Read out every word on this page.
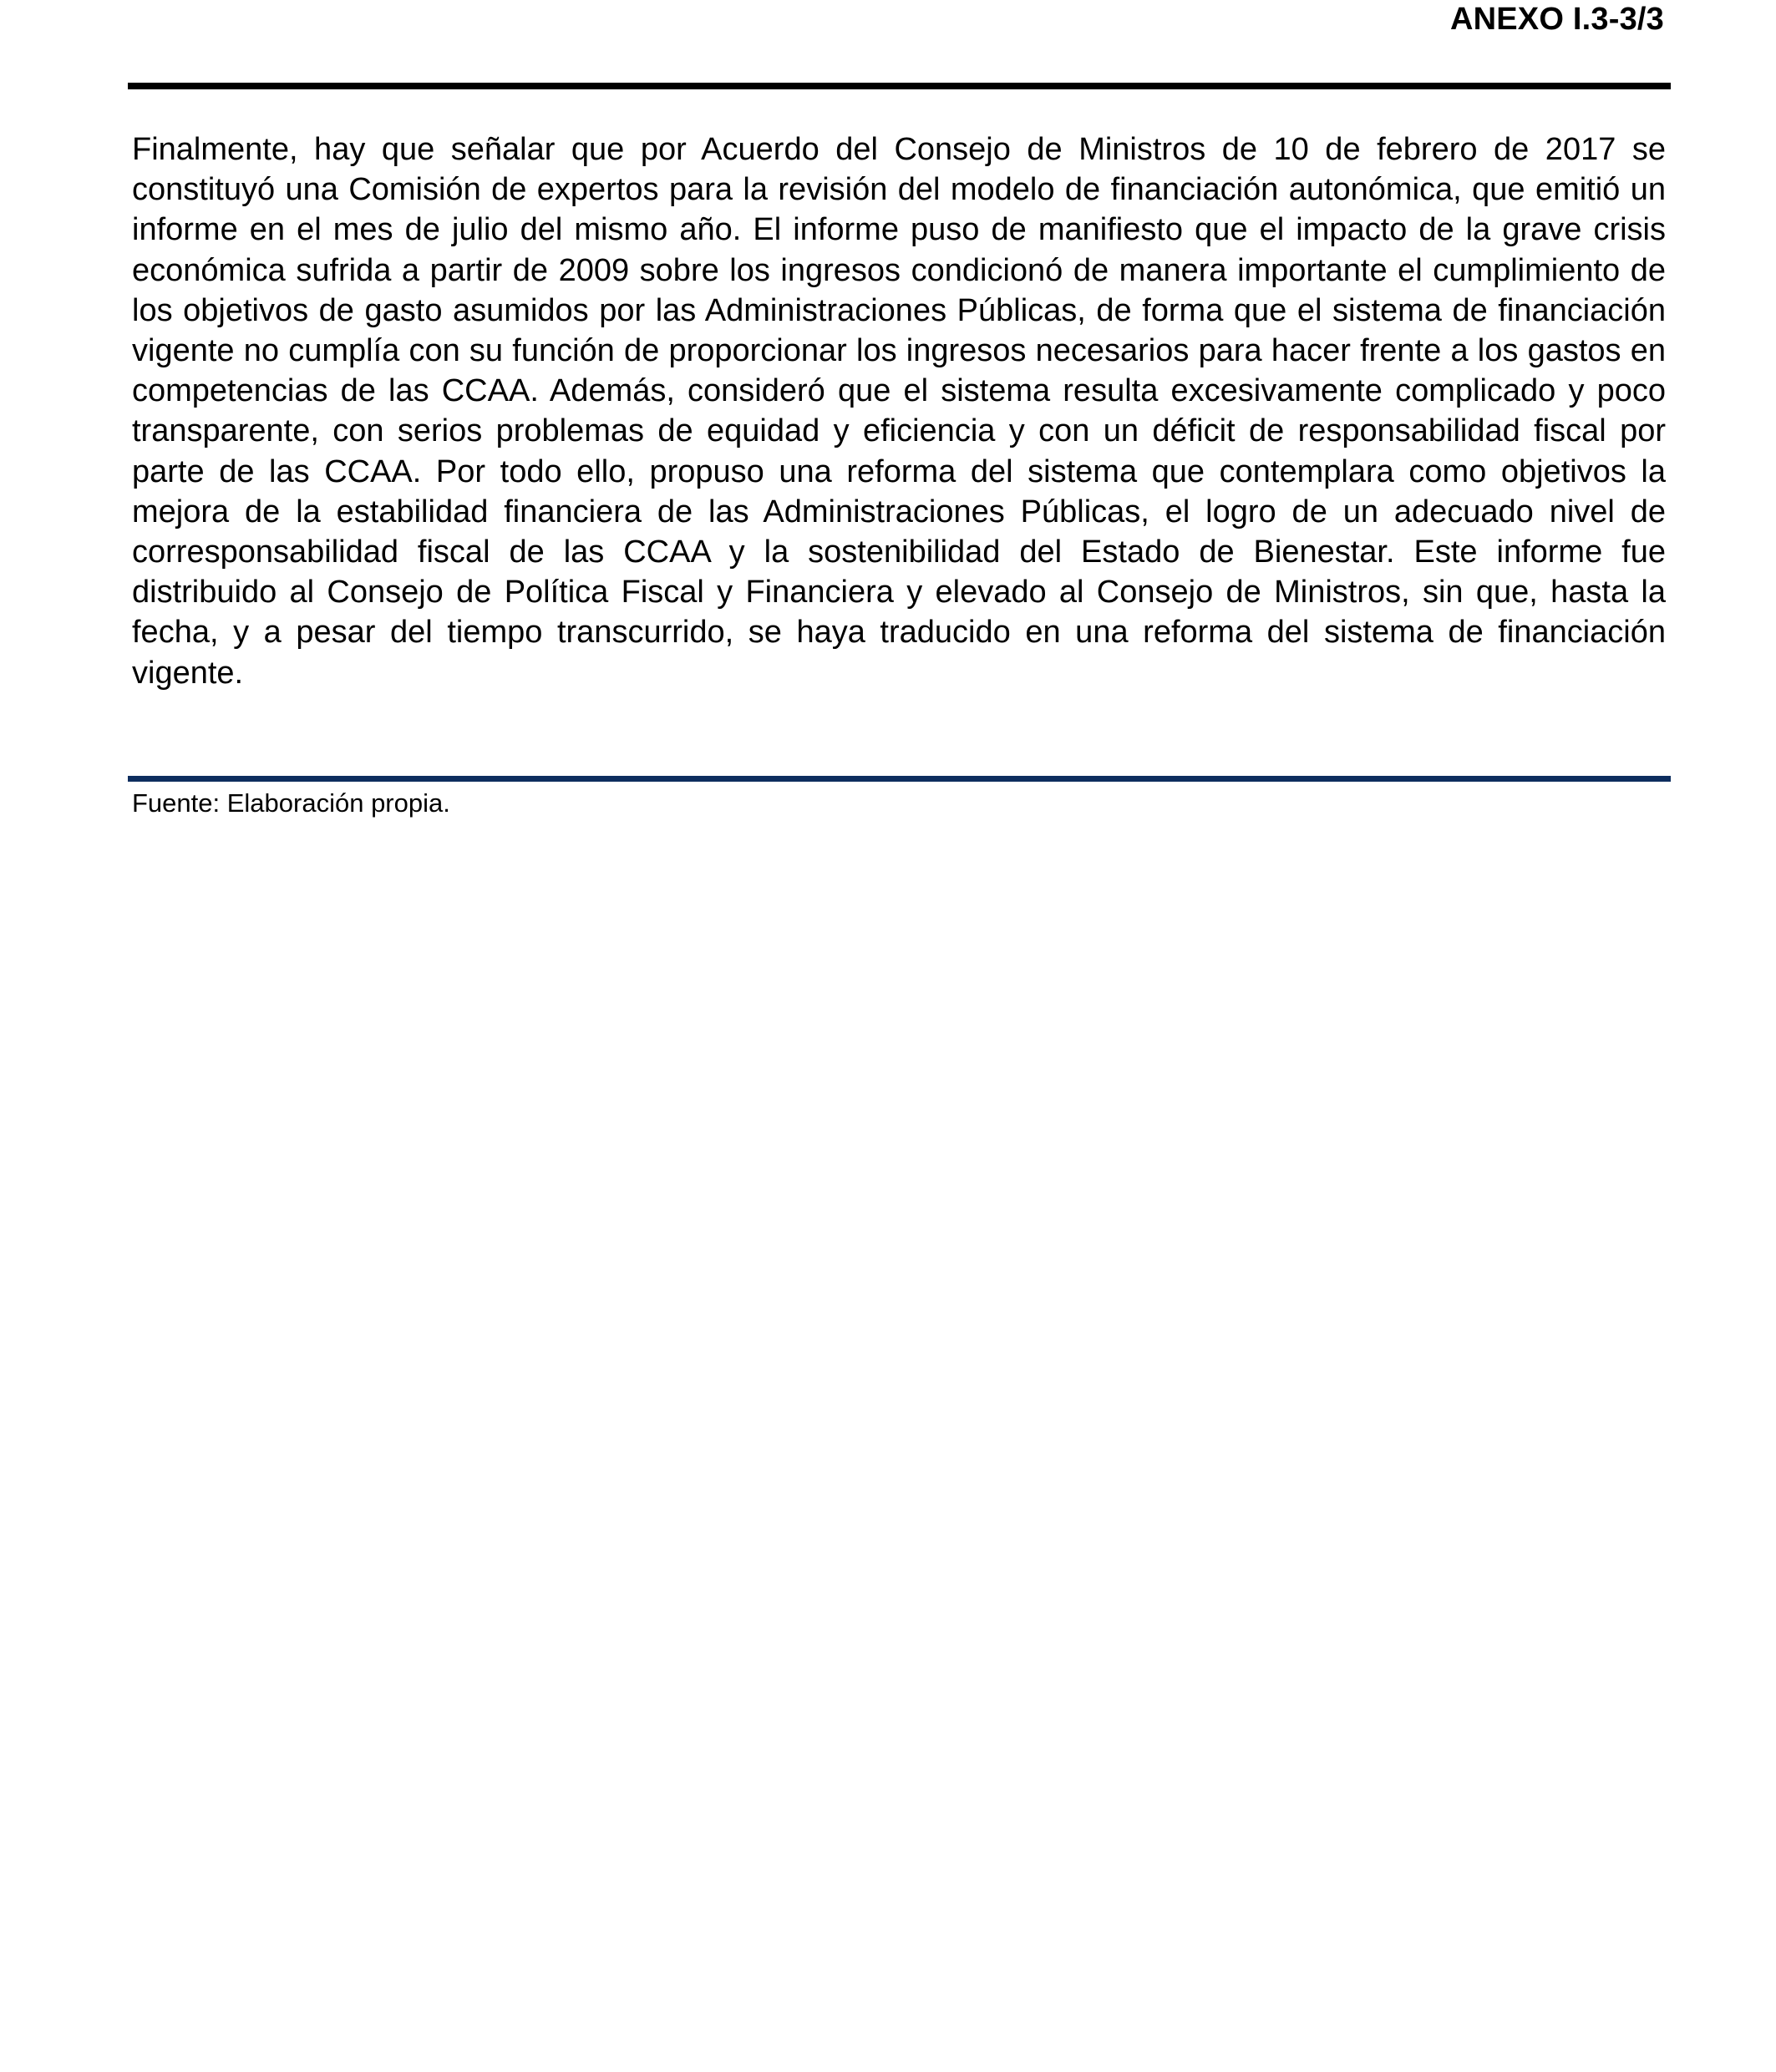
ANEXO I.3-3/3

Finalmente, hay que señalar que por Acuerdo del Consejo de Ministros de 10 de febrero de 2017 se constituyó una Comisión de expertos para la revisión del modelo de financiación autonómica, que emitió un informe en el mes de julio del mismo año. El informe puso de manifiesto que el impacto de la grave crisis económica sufrida a partir de 2009 sobre los ingresos condicionó de manera importante el cumplimiento de los objetivos de gasto asumidos por las Administraciones Públicas, de forma que el sistema de financiación vigente no cumplía con su función de proporcionar los ingresos necesarios para hacer frente a los gastos en competencias de las CCAA. Además, consideró que el sistema resulta excesivamente complicado y poco transparente, con serios problemas de equidad y eficiencia y con un déficit de responsabilidad fiscal por parte de las CCAA. Por todo ello, propuso una reforma del sistema que contemplara como objetivos la mejora de la estabilidad financiera de las Administraciones Públicas, el logro de un adecuado nivel de corresponsabilidad fiscal de las CCAA y la sostenibilidad del Estado de Bienestar. Este informe fue distribuido al Consejo de Política Fiscal y Financiera y elevado al Consejo de Ministros, sin que, hasta la fecha, y a pesar del tiempo transcurrido, se haya traducido en una reforma del sistema de financiación vigente.

Fuente: Elaboración propia.
